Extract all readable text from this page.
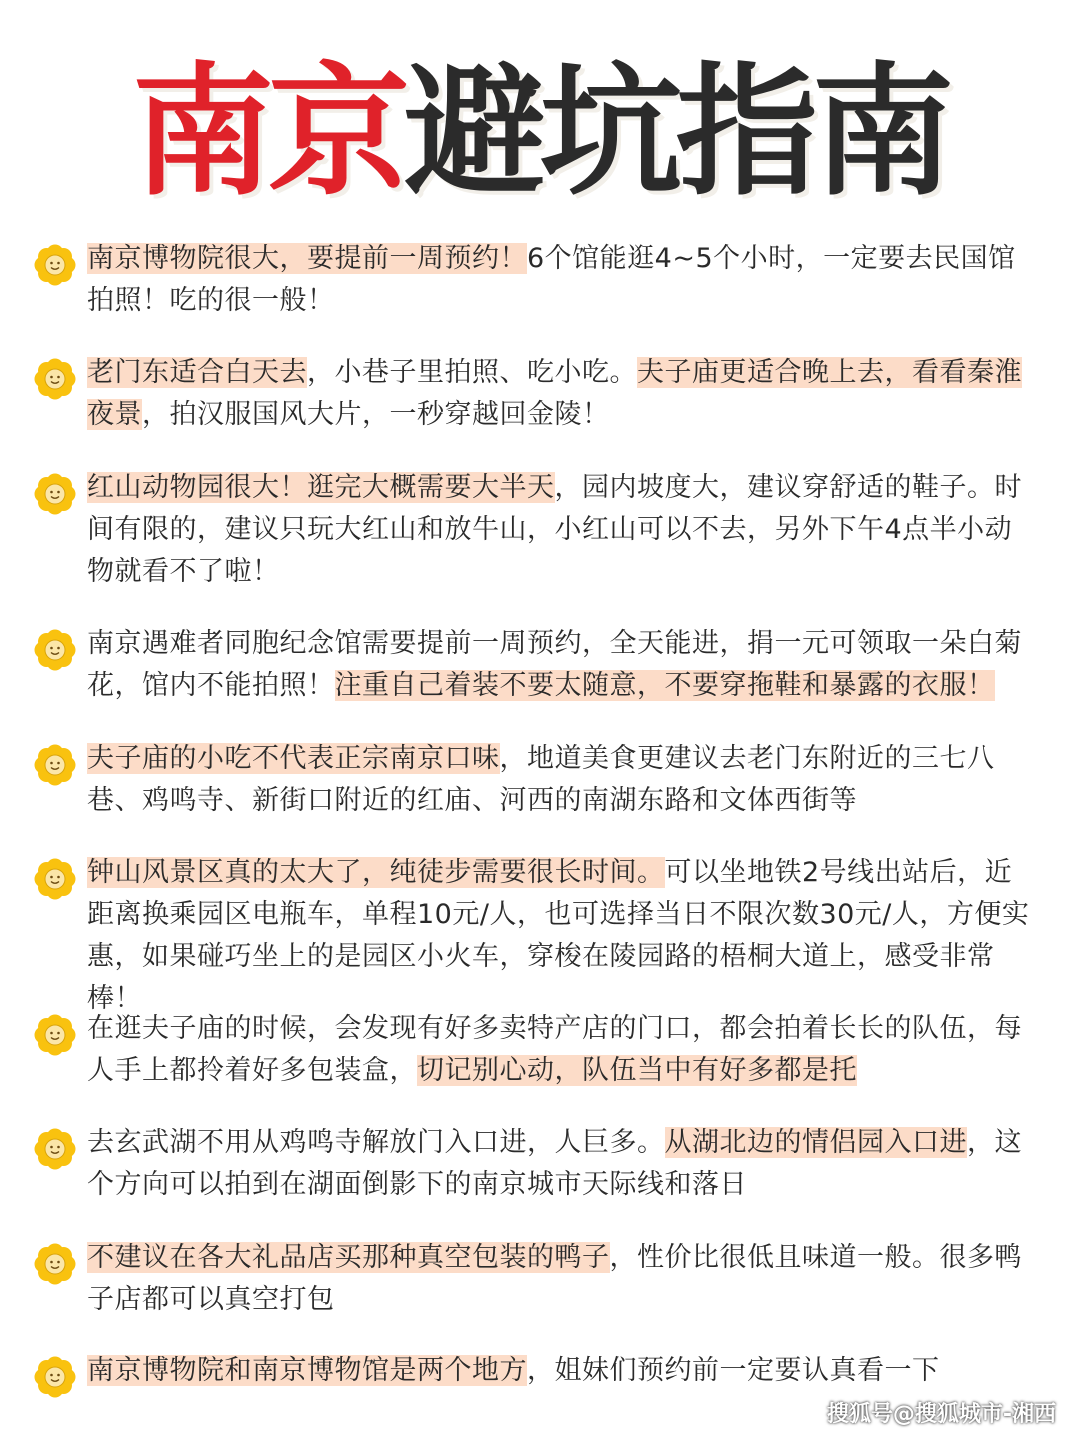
南京避坑指南
南京博物院很大，要提前一周预约！6个馆能逛4~5个小时，一定要去民国馆拍照！吃的很一般！
老门东适合白天去，小巷子里拍照、吃小吃。夫子庙更适合晚上去，看看秦淮夜景，拍汉服国风大片，一秒穿越回金陵！
红山动物园很大！逛完大概需要大半天，园内坡度大，建议穿舒适的鞋子。时间有限的，建议只玩大红山和放牛山，小红山可以不去，另外下午4点半小动物就看不了啦！
南京遇难者同胞纪念馆需要提前一周预约，全天能进，捐一元可领取一朵白菊花，馆内不能拍照！注重自己着装不要太随意，不要穿拖鞋和暴露的衣服！
夫子庙的小吃不代表正宗南京口味，地道美食更建议去老门东附近的三七八巷、鸡鸣寺、新街口附近的红庙、河西的南湖东路和文体西街等
钟山风景区真的太大了，纯徒步需要很长时间。可以坐地铁2号线出站后，近距离换乘园区电瓶车，单程10元/人，也可选择当日不限次数30元/人，方便实惠，如果碰巧坐上的是园区小火车，穿梭在陵园路的梧桐大道上，感受非常棒！
在逛夫子庙的时候，会发现有好多卖特产店的门口，都会拍着长长的队伍，每人手上都拎着好多包装盒，切记别心动，队伍当中有好多都是托
去玄武湖不用从鸡鸣寺解放门入口进，人巨多。从湖北边的情侣园入口进，这个方向可以拍到在湖面倒影下的南京城市天际线和落日
不建议在各大礼品店买那种真空包装的鸭子，性价比很低且味道一般。很多鸭子店都可以真空打包
南京博物院和南京博物馆是两个地方，姐妹们预约前一定要认真看一下
搜狐号@搜狐城市-湘西
